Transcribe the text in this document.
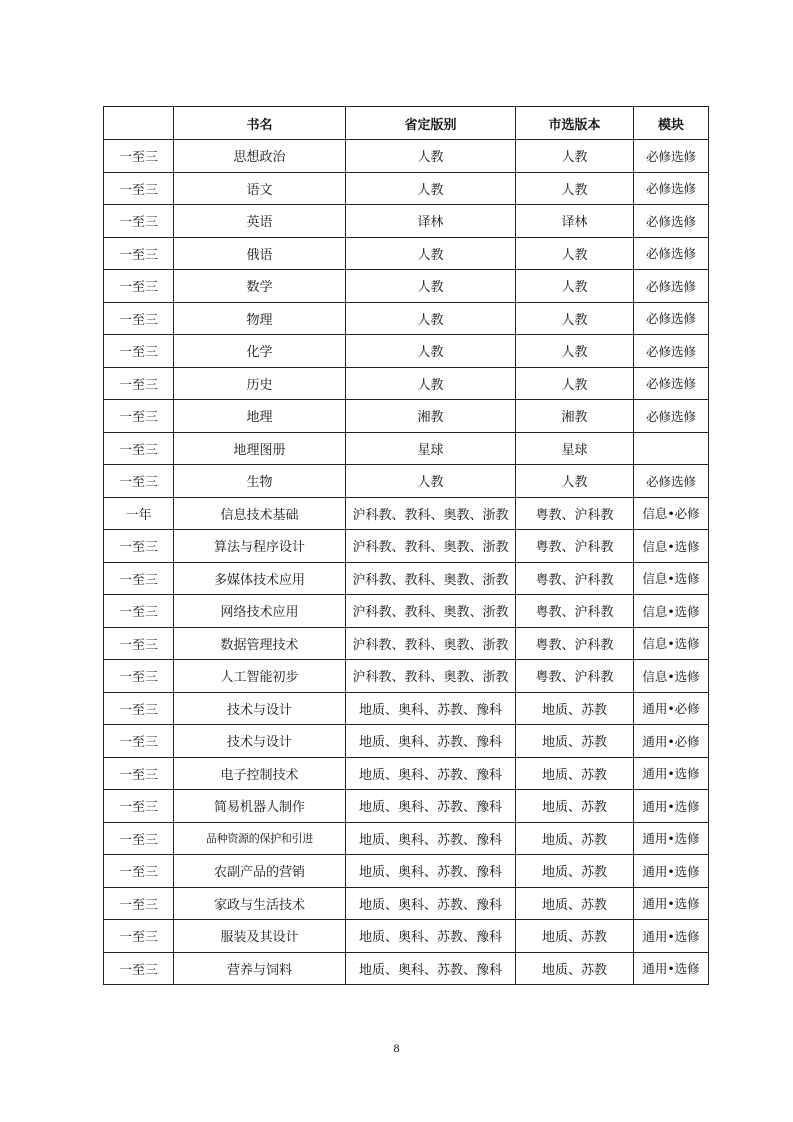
	书名	省定版别	市选版本	模块
一至三	思想政治	人教	人教	必修选修
一至三	语文	人教	人教	必修选修
一至三	英语	译林	译林	必修选修
一至三	俄语	人教	人教	必修选修
一至三	数学	人教	人教	必修选修
一至三	物理	人教	人教	必修选修
一至三	化学	人教	人教	必修选修
一至三	历史	人教	人教	必修选修
一至三	地理	湘教	湘教	必修选修
一至三	地理图册	星球	星球	
一至三	生物	人教	人教	必修选修
一年	信息技术基础	沪科教、教科、奥教、浙教	粤教、沪科教	信息•必修
一至三	算法与程序设计	沪科教、教科、奥教、浙教	粤教、沪科教	信息•选修
一至三	多媒体技术应用	沪科教、教科、奥教、浙教	粤教、沪科教	信息•选修
一至三	网络技术应用	沪科教、教科、奥教、浙教	粤教、沪科教	信息•选修
一至三	数据管理技术	沪科教、教科、奥教、浙教	粤教、沪科教	信息•选修
一至三	人工智能初步	沪科教、教科、奥教、浙教	粤教、沪科教	信息•选修
一至三	技术与设计	地质、奥科、苏教、豫科	地质、苏教	通用•必修
一至三	技术与设计	地质、奥科、苏教、豫科	地质、苏教	通用•必修
一至三	电子控制技术	地质、奥科、苏教、豫科	地质、苏教	通用•选修
一至三	简易机器人制作	地质、奥科、苏教、豫科	地质、苏教	通用•选修
一至三	品种资源的保护和引进	地质、奥科、苏教、豫科	地质、苏教	通用•选修
一至三	农副产品的营销	地质、奥科、苏教、豫科	地质、苏教	通用•选修
一至三	家政与生活技术	地质、奥科、苏教、豫科	地质、苏教	通用•选修
一至三	服装及其设计	地质、奥科、苏教、豫科	地质、苏教	通用•选修
一至三	营养与饲料	地质、奥科、苏教、豫科	地质、苏教	通用•选修
8
